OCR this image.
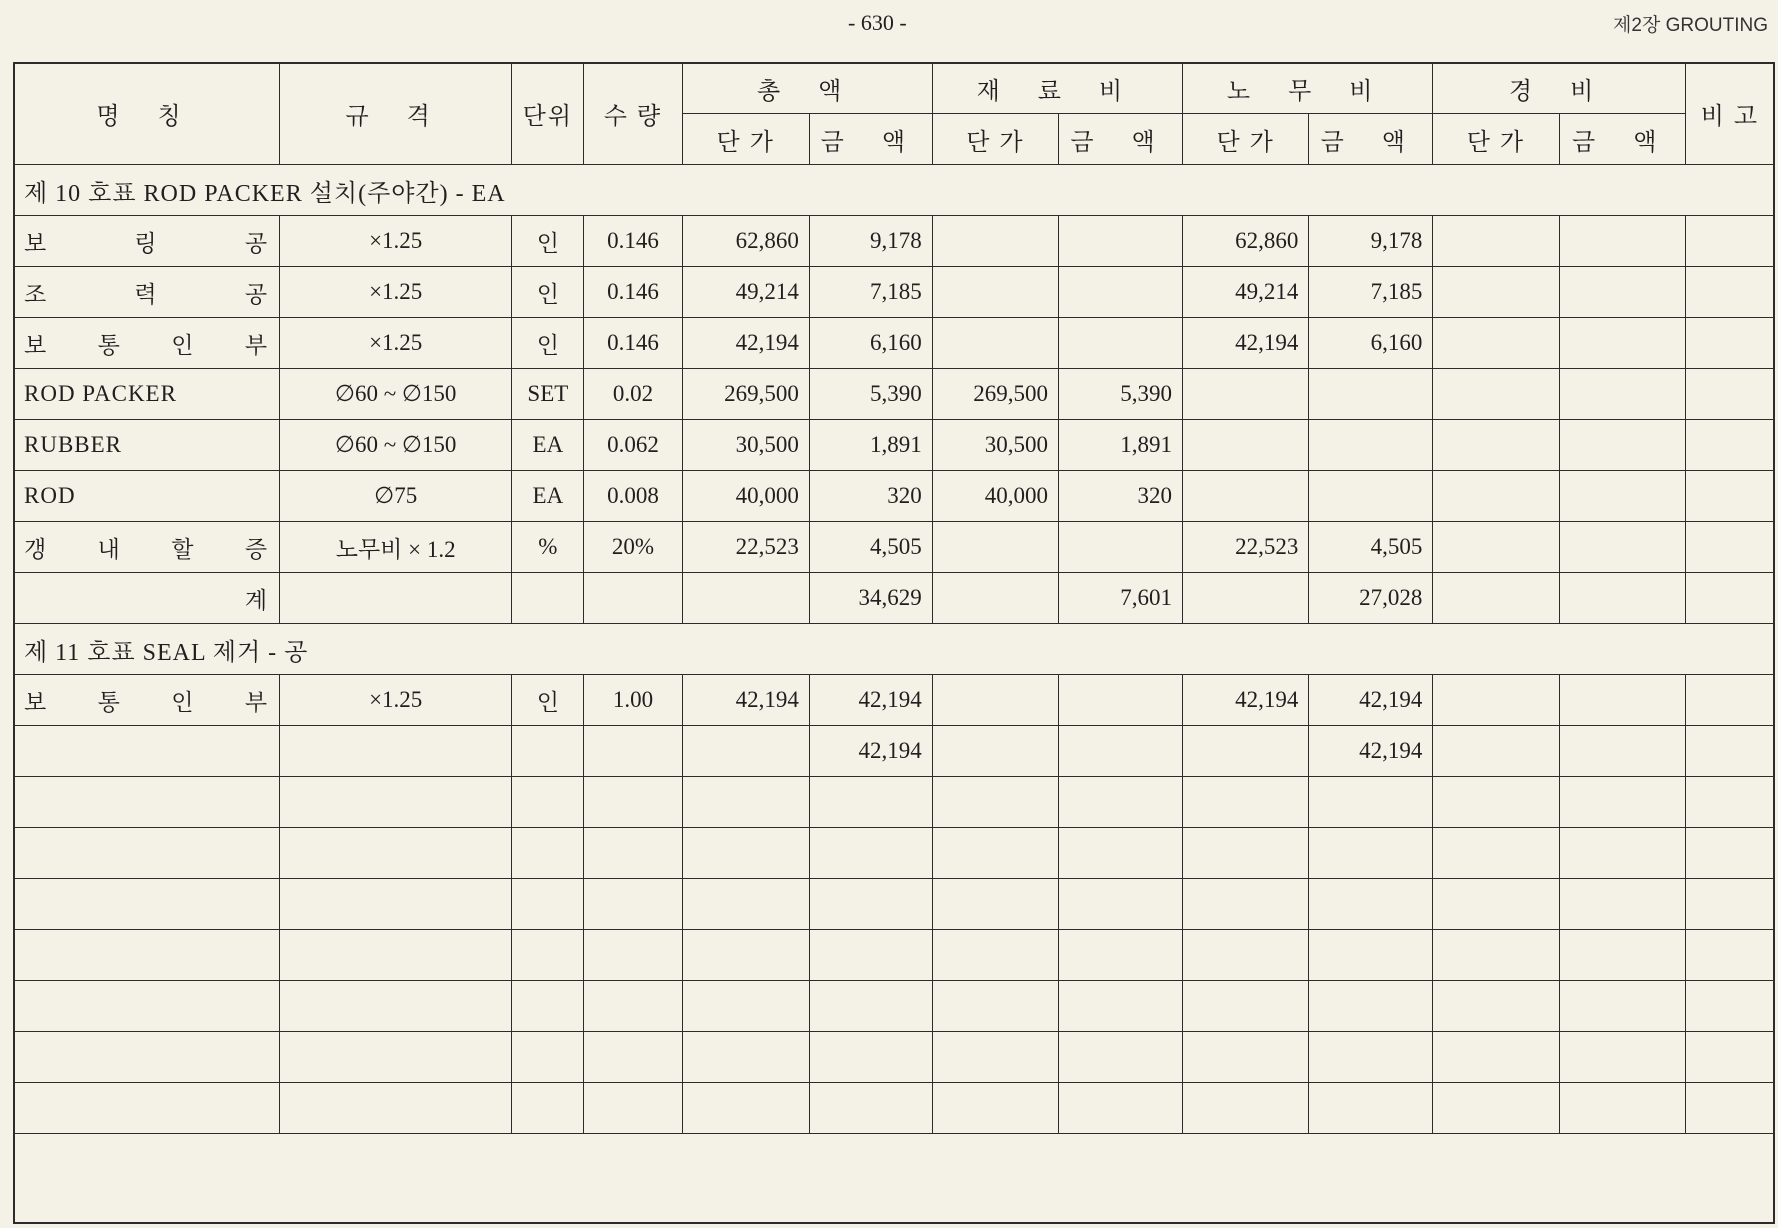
- 630 -	제2장 GROUTING
명 칭	규 격	단위	수 량	총 액		재 료 비		노 무 비		경 비		비 고
				단 가	금 액	단 가	금 액	단 가	금 액	단 가	금 액	
제 10 호표 ROD PACKER 설치(주야간) - EA												
보 링 공	×1.25	인	0.146	62,860	9,178			62,860	9,178			
조 력 공	×1.25	인	0.146	49,214	7,185			49,214	7,185			
보 통 인 부	×1.25	인	0.146	42,194	6,160			42,194	6,160			
ROD PACKER	∅60 ~ ∅150	SET	0.02	269,500	5,390	269,500	5,390					
RUBBER	∅60 ~ ∅150	EA	0.062	30,500	1,891	30,500	1,891					
ROD	∅75	EA	0.008	40,000	320	40,000	320					
갱 내 할 증	노무비 × 1.2	%	20%	22,523	4,505			22,523	4,505			
계					34,629		7,601		27,028			
제 11 호표 SEAL 제거 - 공												
보 통 인 부	×1.25	인	1.00	42,194	42,194			42,194	42,194			
					42,194				42,194			
